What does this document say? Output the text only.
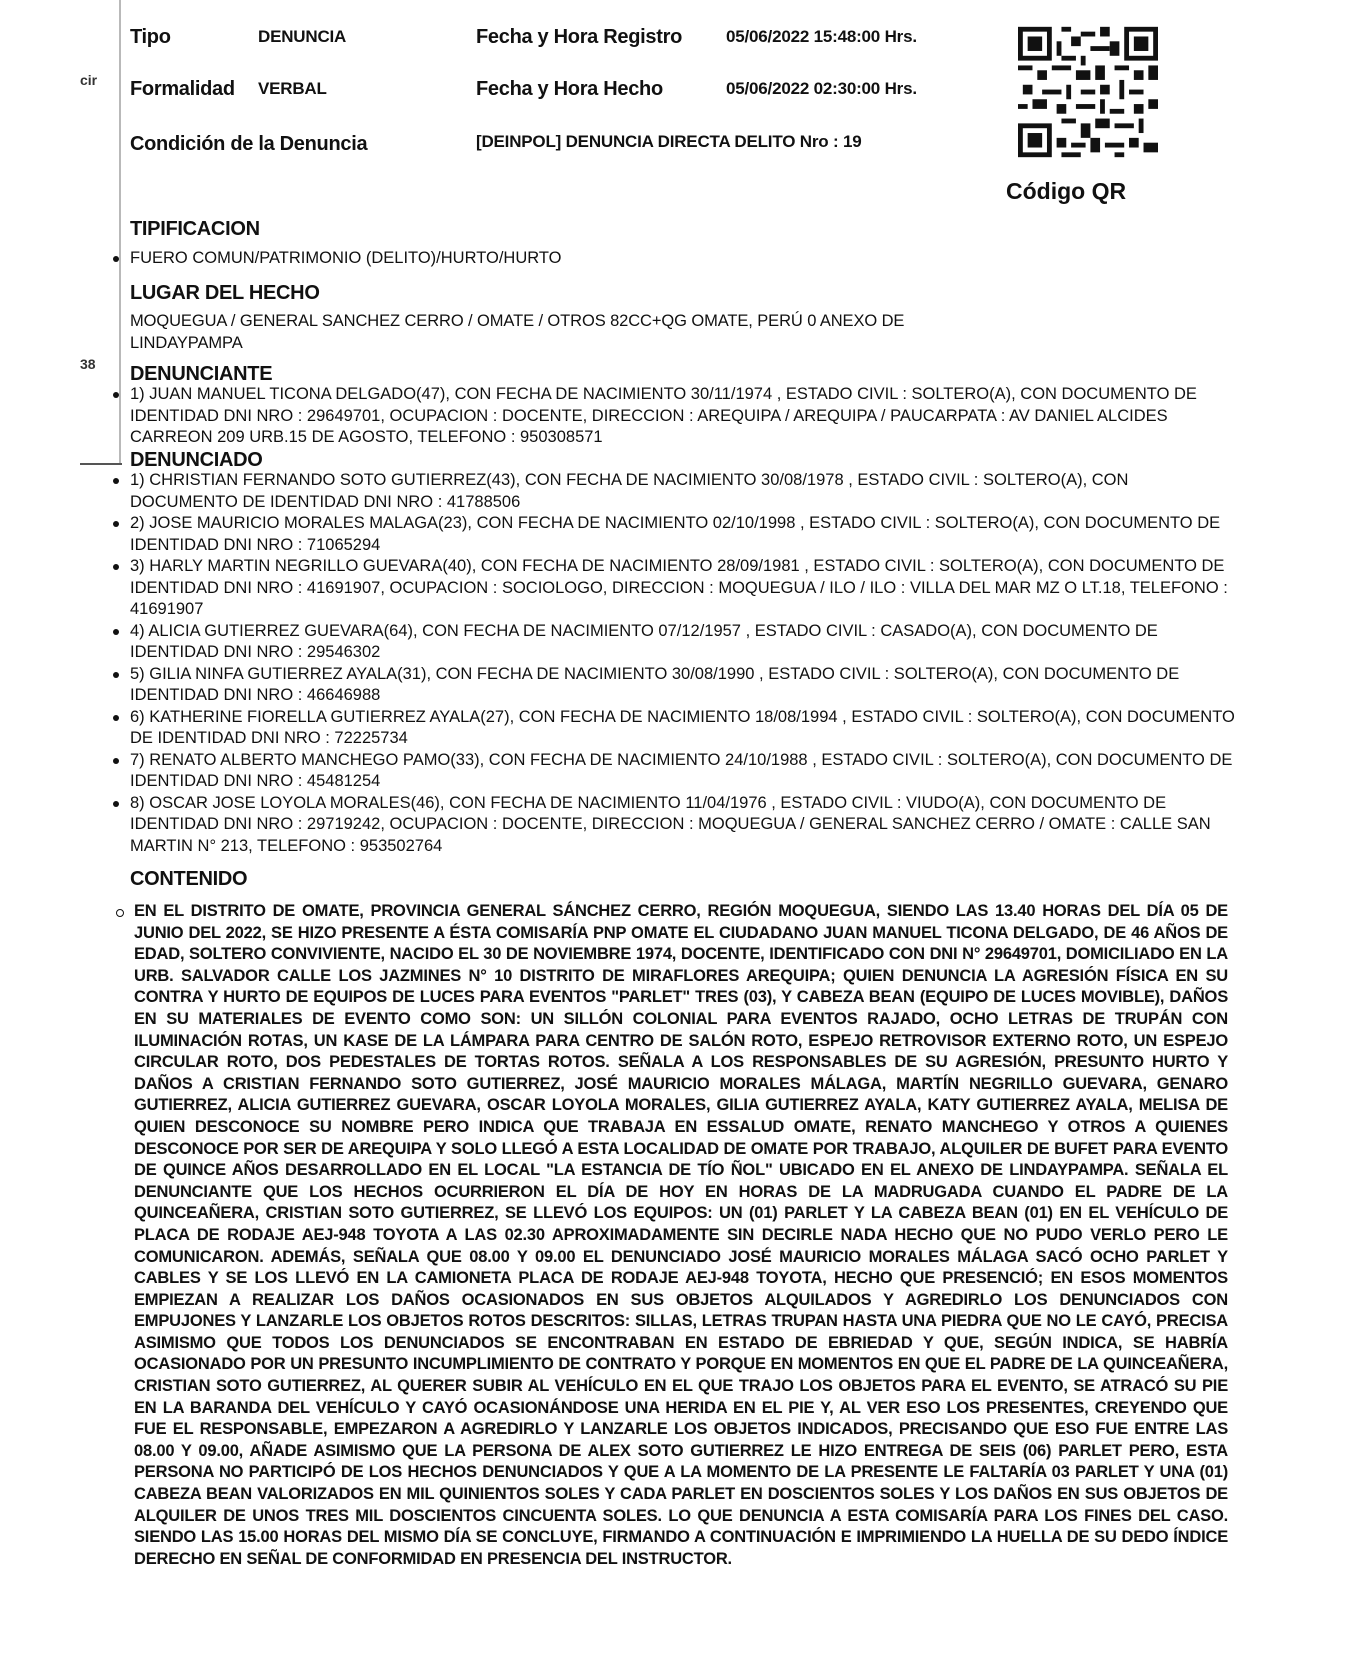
cir
38
Tipo	DENUNCIA	Fecha y Hora Registro	05/06/2022 15:48:00 Hrs.
Formalidad VERBAL	Fecha y Hora Hecho	05/06/2022 02:30:00 Hrs.
Condición de la Denuncia	[DEINPOL] DENUNCIA DIRECTA DELITO Nro : 19
Código QR
TIPIFICACION
FUERO COMUN/PATRIMONIO (DELITO)/HURTO/HURTO
LUGAR DEL HECHO
MOQUEGUA / GENERAL SANCHEZ CERRO / OMATE / OTROS 82CC+QG OMATE, PERÚ 0 ANEXO DE LINDAYPAMPA
DENUNCIANTE
1) JUAN MANUEL TICONA DELGADO(47), CON FECHA DE NACIMIENTO 30/11/1974 , ESTADO CIVIL : SOLTERO(A), CON DOCUMENTO DE IDENTIDAD DNI NRO : 29649701, OCUPACION : DOCENTE, DIRECCION : AREQUIPA / AREQUIPA / PAUCARPATA : AV DANIEL ALCIDES CARREON 209 URB.15 DE AGOSTO, TELEFONO : 950308571
DENUNCIADO
1) CHRISTIAN FERNANDO SOTO GUTIERREZ(43), CON FECHA DE NACIMIENTO 30/08/1978 , ESTADO CIVIL : SOLTERO(A), CON DOCUMENTO DE IDENTIDAD DNI NRO : 41788506
2) JOSE MAURICIO MORALES MALAGA(23), CON FECHA DE NACIMIENTO 02/10/1998 , ESTADO CIVIL : SOLTERO(A), CON DOCUMENTO DE IDENTIDAD DNI NRO : 71065294
3) HARLY MARTIN NEGRILLO GUEVARA(40), CON FECHA DE NACIMIENTO 28/09/1981 , ESTADO CIVIL : SOLTERO(A), CON DOCUMENTO DE IDENTIDAD DNI NRO : 41691907, OCUPACION : SOCIOLOGO, DIRECCION : MOQUEGUA / ILO / ILO : VILLA DEL MAR MZ O LT.18, TELEFONO : 41691907
4) ALICIA GUTIERREZ GUEVARA(64), CON FECHA DE NACIMIENTO 07/12/1957 , ESTADO CIVIL : CASADO(A), CON DOCUMENTO DE IDENTIDAD DNI NRO : 29546302
5) GILIA NINFA GUTIERREZ AYALA(31), CON FECHA DE NACIMIENTO 30/08/1990 , ESTADO CIVIL : SOLTERO(A), CON DOCUMENTO DE IDENTIDAD DNI NRO : 46646988
6) KATHERINE FIORELLA GUTIERREZ AYALA(27), CON FECHA DE NACIMIENTO 18/08/1994 , ESTADO CIVIL : SOLTERO(A), CON DOCUMENTO DE IDENTIDAD DNI NRO : 72225734
7) RENATO ALBERTO MANCHEGO PAMO(33), CON FECHA DE NACIMIENTO 24/10/1988 , ESTADO CIVIL : SOLTERO(A), CON DOCUMENTO DE IDENTIDAD DNI NRO : 45481254
8) OSCAR JOSE LOYOLA MORALES(46), CON FECHA DE NACIMIENTO 11/04/1976 , ESTADO CIVIL : VIUDO(A), CON DOCUMENTO DE IDENTIDAD DNI NRO : 29719242, OCUPACION : DOCENTE, DIRECCION : MOQUEGUA / GENERAL SANCHEZ CERRO / OMATE : CALLE SAN MARTIN N° 213, TELEFONO : 953502764
CONTENIDO
EN EL DISTRITO DE OMATE, PROVINCIA GENERAL SÁNCHEZ CERRO, REGIÓN MOQUEGUA, SIENDO LAS 13.40 HORAS DEL DÍA 05 DE JUNIO DEL 2022, SE HIZO PRESENTE A ÉSTA COMISARÍA PNP OMATE EL CIUDADANO JUAN MANUEL TICONA DELGADO, DE 46 AÑOS DE EDAD, SOLTERO CONVIVIENTE, NACIDO EL 30 DE NOVIEMBRE 1974, DOCENTE, IDENTIFICADO CON DNI N° 29649701, DOMICILIADO EN LA URB. SALVADOR CALLE LOS JAZMINES N° 10 DISTRITO DE MIRAFLORES AREQUIPA; QUIEN DENUNCIA LA AGRESIÓN FÍSICA EN SU CONTRA Y HURTO DE EQUIPOS DE LUCES PARA EVENTOS "PARLET" TRES (03), Y CABEZA BEAN (EQUIPO DE LUCES MOVIBLE), DAÑOS EN SU MATERIALES DE EVENTO COMO SON: UN SILLÓN COLONIAL PARA EVENTOS RAJADO, OCHO LETRAS DE TRUPÁN CON ILUMINACIÓN ROTAS, UN KASE DE LA LÁMPARA PARA CENTRO DE SALÓN ROTO, ESPEJO RETROVISOR EXTERNO ROTO, UN ESPEJO CIRCULAR ROTO, DOS PEDESTALES DE TORTAS ROTOS. SEÑALA A LOS RESPONSABLES DE SU AGRESIÓN, PRESUNTO HURTO Y DAÑOS A CRISTIAN FERNANDO SOTO GUTIERREZ, JOSÉ MAURICIO MORALES MÁLAGA, MARTÍN NEGRILLO GUEVARA, GENARO GUTIERREZ, ALICIA GUTIERREZ GUEVARA, OSCAR LOYOLA MORALES, GILIA GUTIERREZ AYALA, KATY GUTIERREZ AYALA, MELISA DE QUIEN DESCONOCE SU NOMBRE PERO INDICA QUE TRABAJA EN ESSALUD OMATE, RENATO MANCHEGO Y OTROS A QUIENES DESCONOCE POR SER DE AREQUIPA Y SOLO LLEGÓ A ESTA LOCALIDAD DE OMATE POR TRABAJO, ALQUILER DE BUFET PARA EVENTO DE QUINCE AÑOS DESARROLLADO EN EL LOCAL "LA ESTANCIA DE TÍO ÑOL" UBICADO EN EL ANEXO DE LINDAYPAMPA. SEÑALA EL DENUNCIANTE QUE LOS HECHOS OCURRIERON EL DÍA DE HOY EN HORAS DE LA MADRUGADA CUANDO EL PADRE DE LA QUINCEAÑERA, CRISTIAN SOTO GUTIERREZ, SE LLEVÓ LOS EQUIPOS: UN (01) PARLET Y LA CABEZA BEAN (01) EN EL VEHÍCULO DE PLACA DE RODAJE AEJ-948 TOYOTA A LAS 02.30 APROXIMADAMENTE SIN DECIRLE NADA HECHO QUE NO PUDO VERLO PERO LE COMUNICARON. ADEMÁS, SEÑALA QUE 08.00 Y 09.00 EL DENUNCIADO JOSÉ MAURICIO MORALES MÁLAGA SACÓ OCHO PARLET Y CABLES Y SE LOS LLEVÓ EN LA CAMIONETA PLACA DE RODAJE AEJ-948 TOYOTA, HECHO QUE PRESENCIÓ; EN ESOS MOMENTOS EMPIEZAN A REALIZAR LOS DAÑOS OCASIONADOS EN SUS OBJETOS ALQUILADOS Y AGREDIRLO LOS DENUNCIADOS CON EMPUJONES Y LANZARLE LOS OBJETOS ROTOS DESCRITOS: SILLAS, LETRAS TRUPAN HASTA UNA PIEDRA QUE NO LE CAYÓ, PRECISA ASIMISMO QUE TODOS LOS DENUNCIADOS SE ENCONTRABAN EN ESTADO DE EBRIEDAD Y QUE, SEGÚN INDICA, SE HABRÍA OCASIONADO POR UN PRESUNTO INCUMPLIMIENTO DE CONTRATO Y PORQUE EN MOMENTOS EN QUE EL PADRE DE LA QUINCEAÑERA, CRISTIAN SOTO GUTIERREZ, AL QUERER SUBIR AL VEHÍCULO EN EL QUE TRAJO LOS OBJETOS PARA EL EVENTO, SE ATRACÓ SU PIE EN LA BARANDA DEL VEHÍCULO Y CAYÓ OCASIONÁNDOSE UNA HERIDA EN EL PIE Y, AL VER ESO LOS PRESENTES, CREYENDO QUE FUE EL RESPONSABLE, EMPEZARON A AGREDIRLO Y LANZARLE LOS OBJETOS INDICADOS, PRECISANDO QUE ESO FUE ENTRE LAS 08.00 Y 09.00, AÑADE ASIMISMO QUE LA PERSONA DE ALEX SOTO GUTIERREZ LE HIZO ENTREGA DE SEIS (06) PARLET PERO, ESTA PERSONA NO PARTICIPÓ DE LOS HECHOS DENUNCIADOS Y QUE A LA MOMENTO DE LA PRESENTE LE FALTARÍA 03 PARLET Y UNA (01) CABEZA BEAN VALORIZADOS EN MIL QUINIENTOS SOLES Y CADA PARLET EN DOSCIENTOS SOLES Y LOS DAÑOS EN SUS OBJETOS DE ALQUILER DE UNOS TRES MIL DOSCIENTOS CINCUENTA SOLES. LO QUE DENUNCIA A ESTA COMISARÍA PARA LOS FINES DEL CASO. SIENDO LAS 15.00 HORAS DEL MISMO DÍA SE CONCLUYE, FIRMANDO A CONTINUACIÓN E IMPRIMIENDO LA HUELLA DE SU DEDO ÍNDICE DERECHO EN SEÑAL DE CONFORMIDAD EN PRESENCIA DEL INSTRUCTOR.
